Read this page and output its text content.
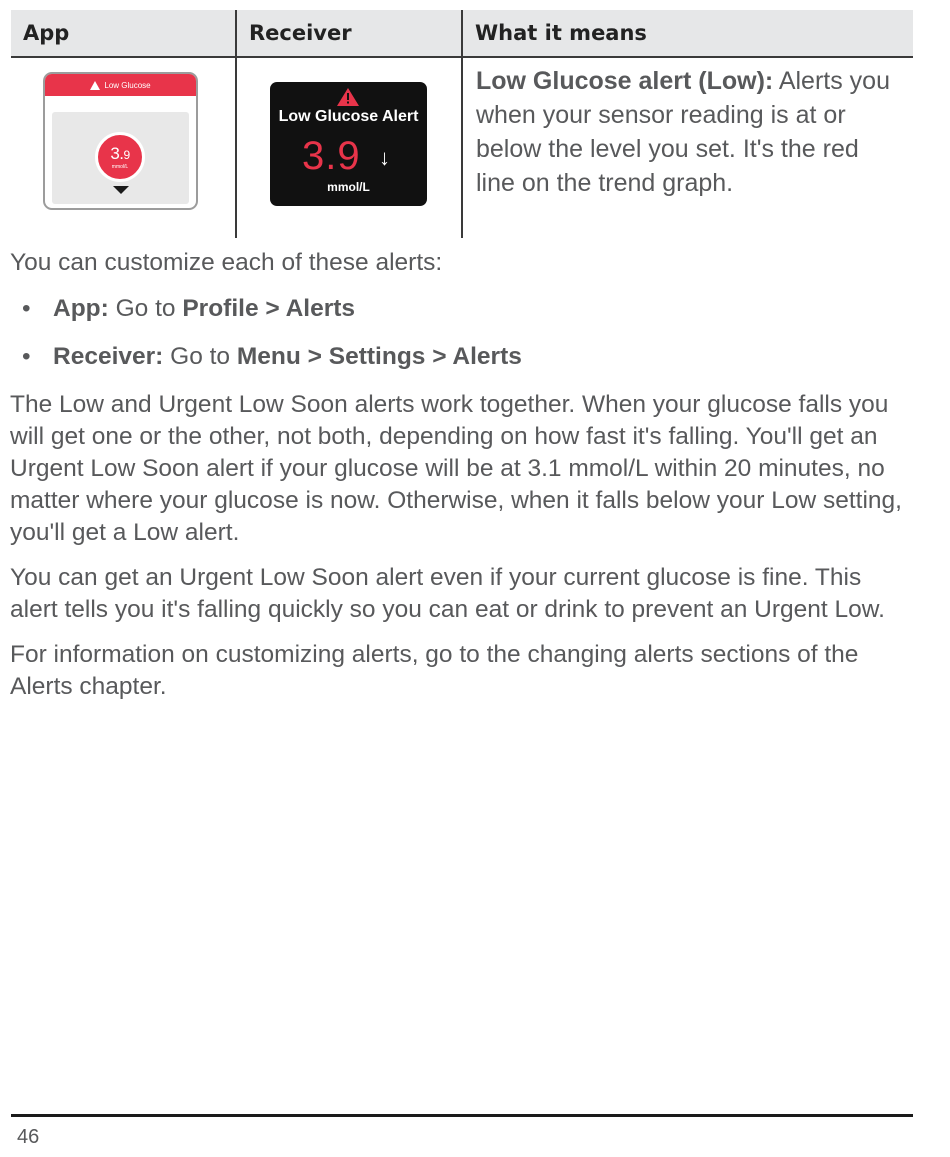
App	Receiver	What it means
Low Glucose
3.9
mmol/L
Low Glucose Alert
3.9 ↓
mmol/L
Low Glucose alert (Low): Alerts you when your sensor reading is at or below the level you set. It's the red line on the trend graph.

You can customize each of these alerts:

• App: Go to Profile > Alerts
• Receiver: Go to Menu > Settings > Alerts

The Low and Urgent Low Soon alerts work together. When your glucose falls you will get one or the other, not both, depending on how fast it's falling. You'll get an Urgent Low Soon alert if your glucose will be at 3.1 mmol/L within 20 minutes, no matter where your glucose is now. Otherwise, when it falls below your Low setting, you'll get a Low alert.

You can get an Urgent Low Soon alert even if your current glucose is fine. This alert tells you it's falling quickly so you can eat or drink to prevent an Urgent Low.

For information on customizing alerts, go to the changing alerts sections of the Alerts chapter.

46
